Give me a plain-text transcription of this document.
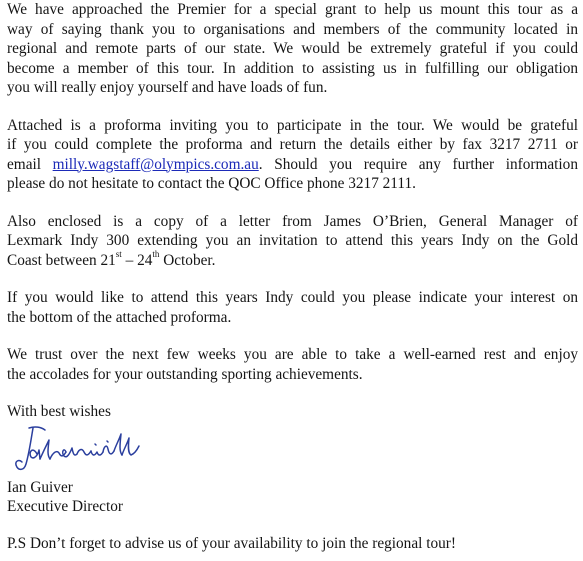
We have approached the Premier for a special grant to help us mount this tour as a
way of saying thank you to organisations and members of the community located in
regional and remote parts of our state. We would be extremely grateful if you could
become a member of this tour. In addition to assisting us in fulfilling our obligation
you will really enjoy yourself and have loads of fun.
Attached is a proforma inviting you to participate in the tour. We would be grateful
if you could complete the proforma and return the details either by fax 3217 2711 or
email milly.wagstaff@olympics.com.au. Should you require any further information
please do not hesitate to contact the QOC Office phone 3217 2111.
Also enclosed is a copy of a letter from James O’Brien, General Manager of
Lexmark Indy 300 extending you an invitation to attend this years Indy on the Gold
Coast between 21st – 24th October.
If you would like to attend this years Indy could you please indicate your interest on
the bottom of the attached proforma.
We trust over the next few weeks you are able to take a well-earned rest and enjoy
the accolades for your outstanding sporting achievements.

With best wishes

Ian Guiver

Executive Director

P.S Don’t forget to advise us of your availability to join the regional tour!
